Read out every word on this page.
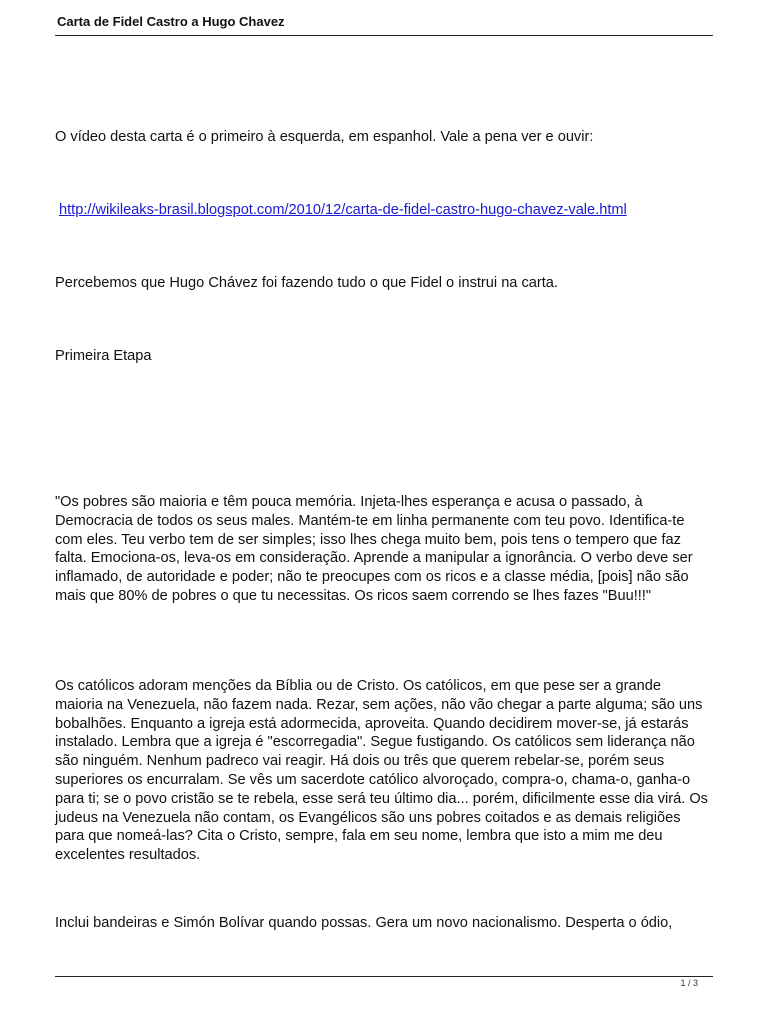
Carta de Fidel Castro a Hugo Chavez

O vídeo desta carta é o primeiro à esquerda, em espanhol. Vale a pena ver e ouvir:

http://wikileaks-brasil.blogspot.com/2010/12/carta-de-fidel-castro-hugo-chavez-vale.html

Percebemos que Hugo Chávez foi fazendo tudo o que Fidel o instrui na carta.

Primeira Etapa

"Os pobres são maioria e têm pouca memória. Injeta-lhes esperança e acusa o passado, à Democracia de todos os seus males. Mantém-te em linha permanente com teu povo. Identifica-te com eles. Teu verbo tem de ser simples; isso lhes chega muito bem, pois tens o tempero que faz falta. Emociona-os, leva-os em consideração. Aprende a manipular a ignorância. O verbo deve ser inflamado, de autoridade e poder; não te preocupes com os ricos e a classe média, [pois] não são mais que 80% de pobres o que tu necessitas. Os ricos saem correndo se lhes fazes "Buu!!!"

Os católicos adoram menções da Bíblia ou de Cristo. Os católicos, em que pese ser a grande maioria na Venezuela, não fazem nada. Rezar, sem ações, não vão chegar a parte alguma; são uns bobalhões. Enquanto a igreja está adormecida, aproveita. Quando decidirem mover-se, já estarás instalado. Lembra que a igreja é "escorregadia". Segue fustigando. Os católicos sem liderança não são ninguém. Nenhum padreco vai reagir. Há dois ou três que querem rebelar-se, porém seus superiores os encurralam. Se vês um sacerdote católico alvoroçado, compra-o, chama-o, ganha-o para ti; se o povo cristão se te rebela, esse será teu último dia... porém, dificilmente esse dia virá. Os judeus na Venezuela não contam, os Evangélicos são uns pobres coitados e as demais religiões para que nomeá-las? Cita o Cristo, sempre, fala em seu nome, lembra que isto a mim me deu excelentes resultados.

Inclui bandeiras e Simón Bolívar quando possas. Gera um novo nacionalismo. Desperta o ódio,

1 / 3
